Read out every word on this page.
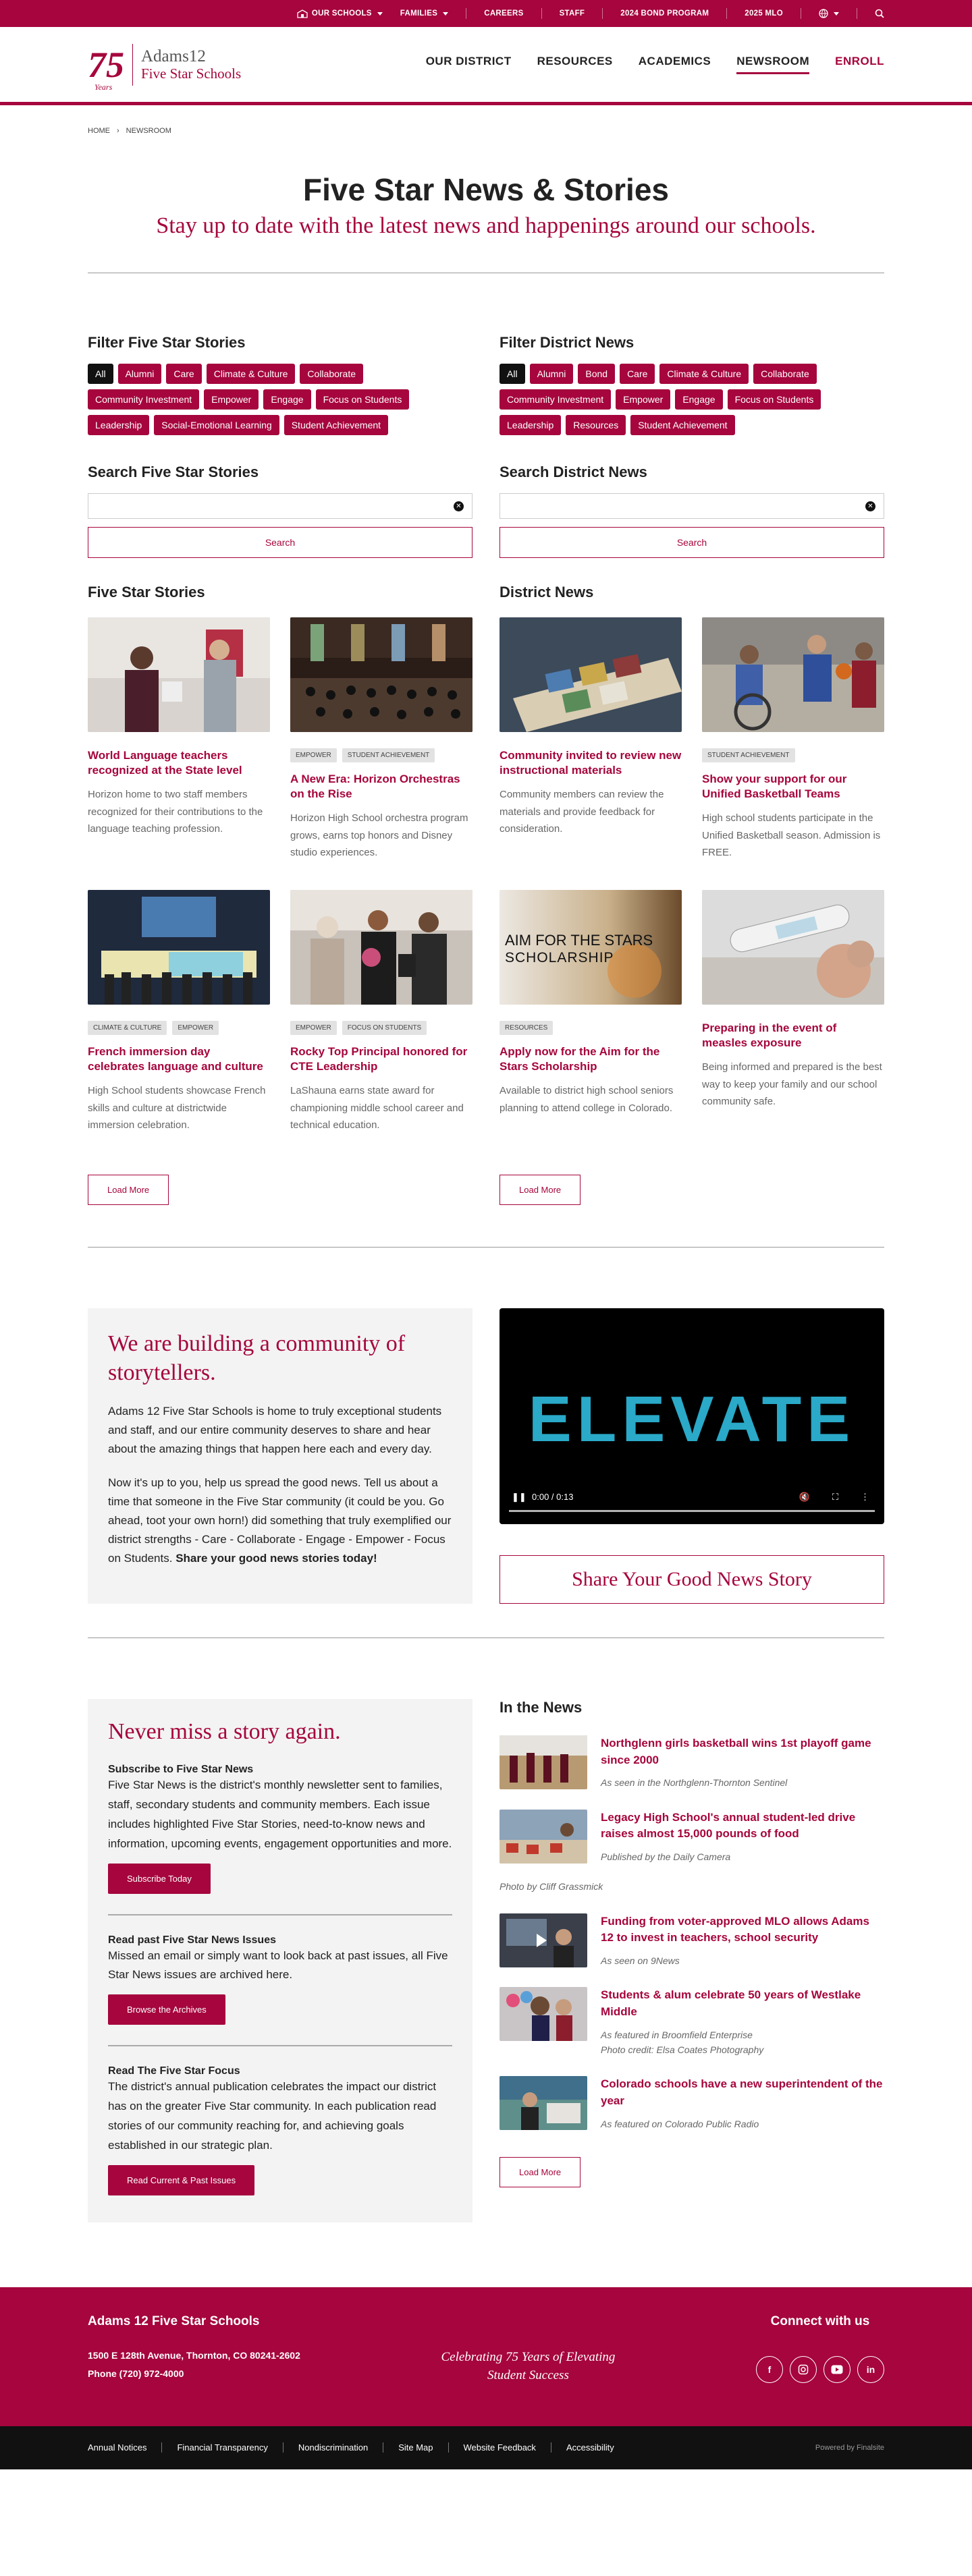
OUR SCHOOLS	FAMILIES	CAREERS	STAFF	2024 BOND PROGRAM	2025 MLO
75
Years
Adams12
Five Star Schools
OUR DISTRICT RESOURCES ACADEMICS NEWSROOM ENROLL
HOME › NEWSROOM
Five Star News & Stories

Stay up to date with the latest news and happenings around our schools.

Filter Five Star Stories
All	Alumni	Care	Climate & Culture	Collaborate
Community Investment	Empower	Engage	Focus on Students
Leadership	Social-Emotional Learning	Student Achievement
Search Five Star Stories
✕
Search
Filter District News
All	Alumni	Bond	Care	Climate & Culture	Collaborate
Community Investment	Empower	Engage	Focus on Students
Leadership	Resources	Student Achievement
Search District News
✕
Search
Five Star Stories
World Language teachers recognized at the State level
Horizon home to two staff members recognized for their contributions to the language teaching profession.
EMPOWER	STUDENT ACHIEVEMENT
A New Era: Horizon Orchestras on the Rise
Horizon High School orchestra program grows, earns top honors and Disney studio experiences.
CLIMATE & CULTURE	EMPOWER
French immersion day celebrates language and culture
High School students showcase French skills and culture at districtwide immersion celebration.
EMPOWER	FOCUS ON STUDENTS
Rocky Top Principal honored for CTE Leadership
LaShauna earns state award for championing middle school career and technical education.
Load More
District News
Community invited to review new instructional materials
Community members can review the materials and provide feedback for consideration.
STUDENT ACHIEVEMENT
Show your support for our Unified Basketball Teams
High school students participate in the Unified Basketball season. Admission is FREE.
AIM FOR THE STARS
SCHOLARSHIP
RESOURCES
Apply now for the Aim for the Stars Scholarship
Available to district high school seniors planning to attend college in Colorado.
Preparing in the event of measles exposure
Being informed and prepared is the best way to keep your family and our school community safe.
Load More
We are building a community of storytellers.

Adams 12 Five Star Schools is home to truly exceptional students and staff, and our entire community deserves to share and hear about the amazing things that happen here each and every day.

Now it's up to you, help us spread the good news. Tell us about a time that someone in the Five Star community (it could be you. Go ahead, toot your own horn!) did something that truly exemplified our district strengths - Care - Collaborate - Engage - Empower - Focus on Students. Share your good news stories today!

ELEVATE
❚❚ 0:00 / 0:13	🔇	⛶	⋮
Share Your Good News Story
Never miss a story again.
Subscribe to Five Star News
Five Star News is the district's monthly newsletter sent to families, staff, secondary students and community members. Each issue includes highlighted Five Star Stories, need-to-know news and information, upcoming events, engagement opportunities and more.
Subscribe Today
Read past Five Star News Issues
Missed an email or simply want to look back at past issues, all Five Star News issues are archived here.
Browse the Archives
Read The Five Star Focus
The district's annual publication celebrates the impact our district has on the greater Five Star community. In each publication read stories of our community reaching for, and achieving goals established in our strategic plan.
Read Current & Past Issues
In the News
Northglenn girls basketball wins 1st playoff game since 2000
As seen in the Northglenn-Thornton Sentinel
Legacy High School's annual student-led drive raises almost 15,000 pounds of food
Published by the Daily Camera
Photo by Cliff Grassmick
Funding from voter-approved MLO allows Adams 12 to invest in teachers, school security
As seen on 9News
Students & alum celebrate 50 years of Westlake Middle
As featured in Broomfield Enterprise
Photo credit: Elsa Coates Photography
Colorado schools have a new superintendent of the year
As featured on Colorado Public Radio
Load More
Adams 12 Five Star Schools
1500 E 128th Avenue, Thornton, CO 80241-2602
Phone (720) 972-4000
Celebrating 75 Years of Elevating
Student Success
Connect with us
f	in
Annual Notices	Financial Transparency	Nondiscrimination	Site Map	Website Feedback	Accessibility	Powered by Finalsite
